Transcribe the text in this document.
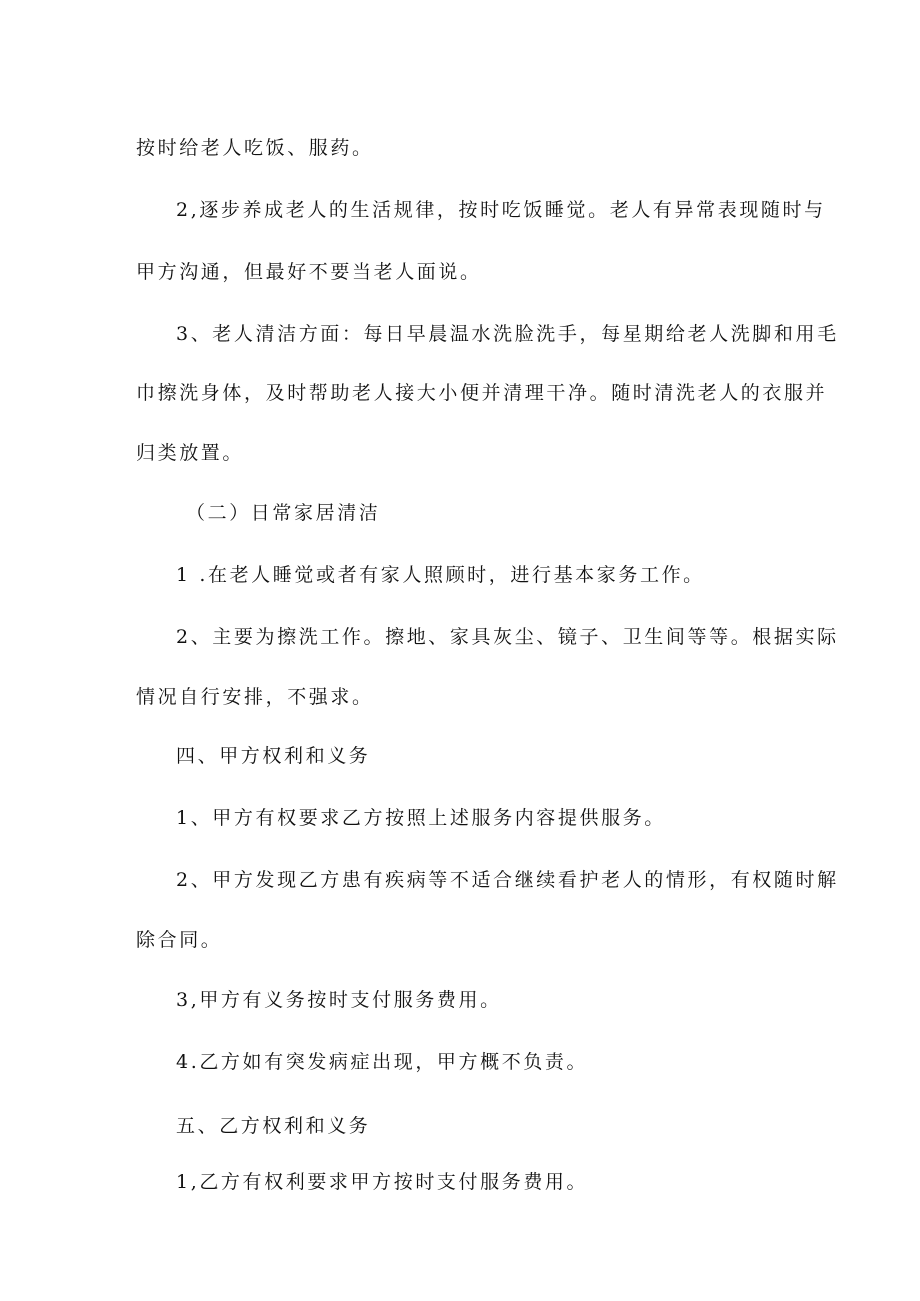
按时给老人吃饭、服药。
2,逐步养成老人的生活规律，按时吃饭睡觉。老人有异常表现随时与
甲方沟通，但最好不要当老人面说。
3、老人清洁方面：每日早晨温水洗脸洗手，每星期给老人洗脚和用毛
巾擦洗身体，及时帮助老人接大小便并清理干净。随时清洗老人的衣服并
归类放置。
（二）日常家居清洁
1 .在老人睡觉或者有家人照顾时，进行基本家务工作。
2、主要为擦洗工作。擦地、家具灰尘、镜子、卫生间等等。根据实际
情况自行安排，不强求。
四、甲方权利和义务
1、甲方有权要求乙方按照上述服务内容提供服务。
2、甲方发现乙方患有疾病等不适合继续看护老人的情形，有权随时解
除合同。
3,甲方有义务按时支付服务费用。
4.乙方如有突发病症出现，甲方概不负责。
五、乙方权利和义务
1,乙方有权利要求甲方按时支付服务费用。
